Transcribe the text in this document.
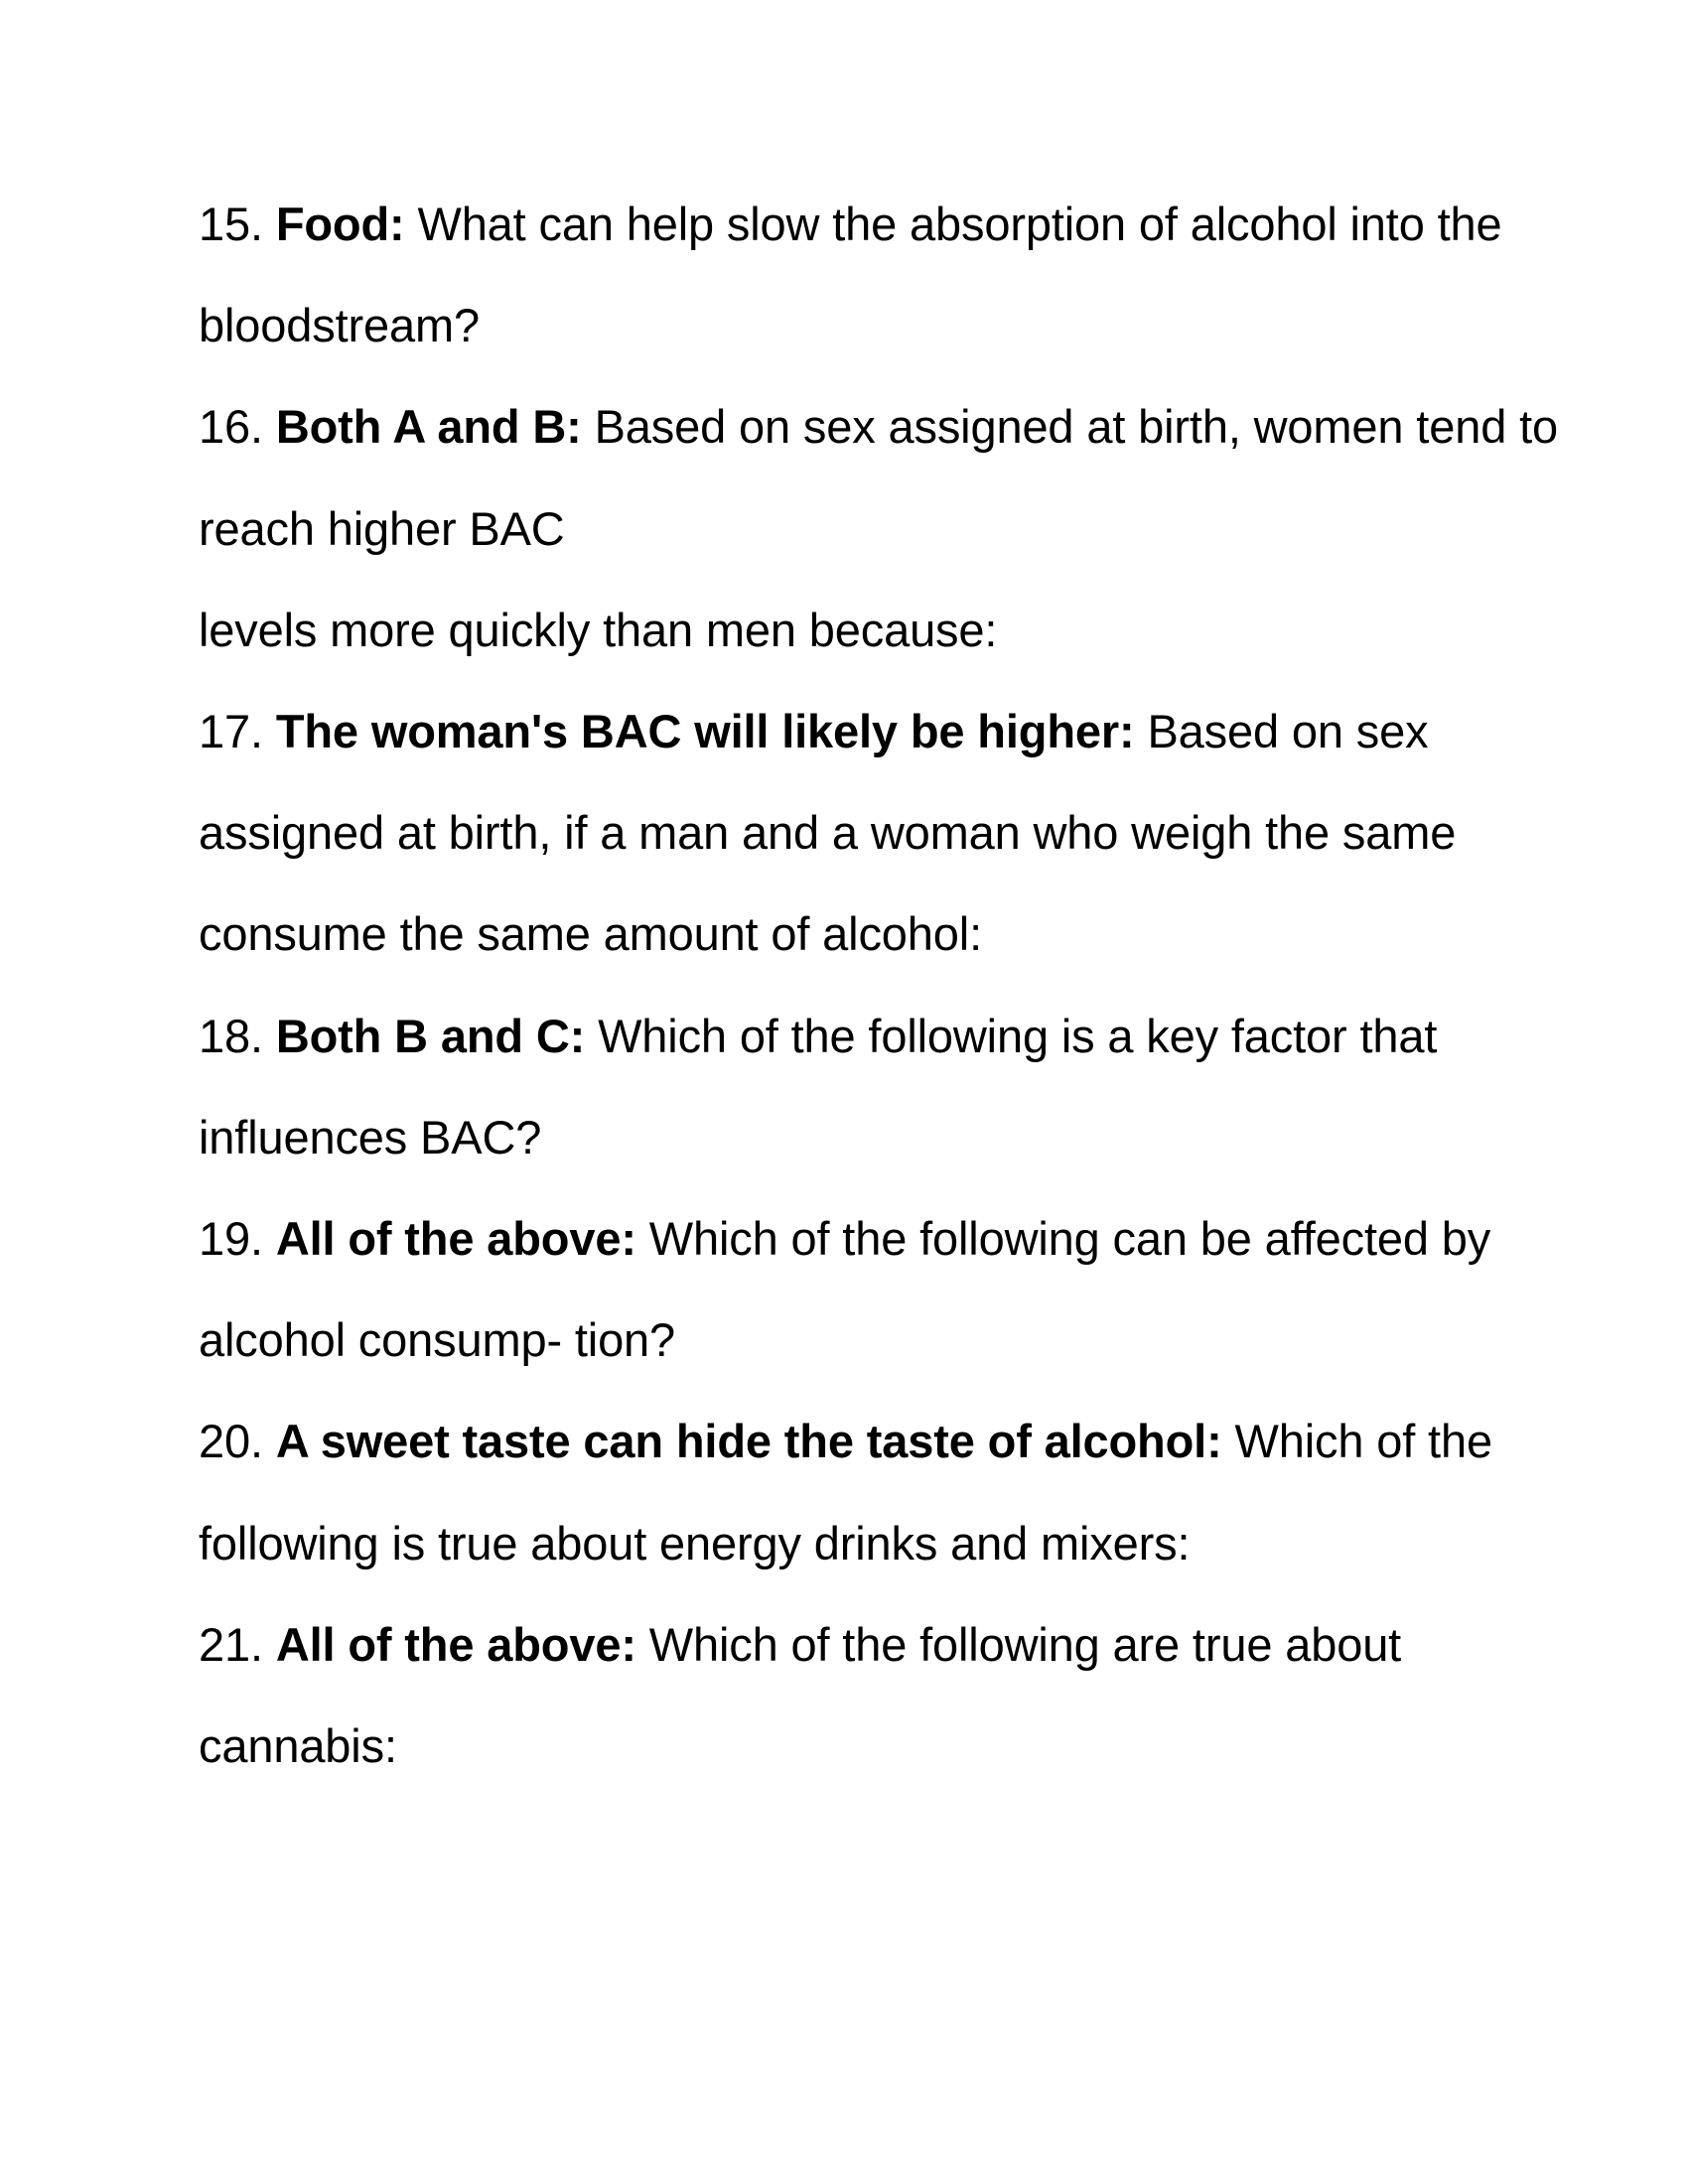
15. Food: What can help slow the absorption of alcohol into the
bloodstream?
16. Both A and B: Based on sex assigned at birth, women tend to
reach higher BAC
levels more quickly than men because:
17. The woman's BAC will likely be higher: Based on sex
assigned at birth, if a man and a woman who weigh the same
consume the same amount of alcohol:
18. Both B and C: Which of the following is a key factor that
influences BAC?
19. All of the above: Which of the following can be affected by
alcohol consump- tion?
20. A sweet taste can hide the taste of alcohol: Which of the
following is true about energy drinks and mixers:
21. All of the above: Which of the following are true about
cannabis:
